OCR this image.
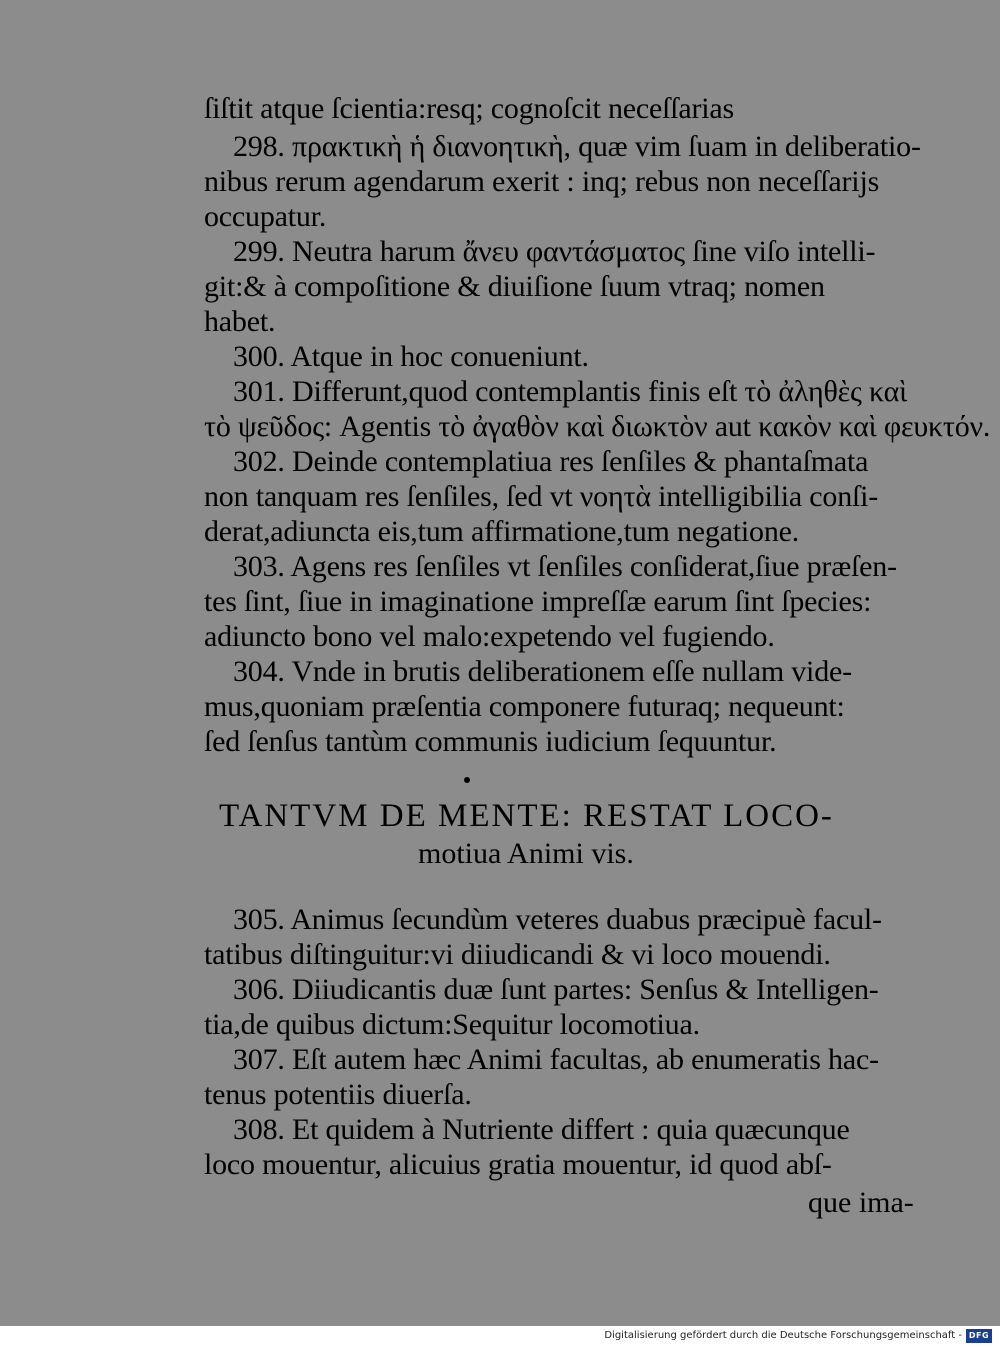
ſiſtit atque ſcientia:resq; cognoſcit neceſſarias
298. πρακτικὴ ἡ διανοητικὴ, quæ vim ſuam in deliberatio-
nibus rerum agendarum exerit : inq; rebus non neceſſarijs
occupatur.
299. Neutra harum ἄνευ φαντάσματος ſine viſo intelli-
git:& à compoſitione & diuiſione ſuum vtraq; nomen
habet.
300. Atque in hoc conueniunt.
301. Differunt,quod contemplantis finis eſt τὸ ἀληθὲς καὶ
τὸ ψεῦδος: Agentis τὸ ἀγαθὸν καὶ διωκτὸν aut κακὸν καὶ φευκτόν.
302. Deinde contemplatiua res ſenſiles & phantaſmata
non tanquam res ſenſiles, ſed vt νοητὰ intelligibilia conſi-
derat,adiuncta eis,tum affirmatione,tum negatione.
303. Agens res ſenſiles vt ſenſiles conſiderat,ſiue præſen-
tes ſint, ſiue in imaginatione impreſſæ earum ſint ſpecies:
adiuncto bono vel malo:expetendo vel fugiendo.
304. Vnde in brutis deliberationem eſſe nullam vide-
mus,quoniam præſentia componere futuraq; nequeunt:
ſed ſenſus tantùm communis iudicium ſequuntur.
TANTVM DE MENTE: RESTAT LOCO-
motiua Animi vis.
305. Animus ſecundùm veteres duabus præcipuè facul-
tatibus diſtinguitur:vi diiudicandi & vi loco mouendi.
306. Diiudicantis duæ ſunt partes: Senſus & Intelligen-
tia,de quibus dictum:Sequitur locomotiua.
307. Eſt autem hæc Animi facultas, ab enumeratis hac-
tenus potentiis diuerſa.
308. Et quidem à Nutriente differt : quia quæcunque
loco mouentur, alicuius gratia mouentur, id quod abſ-
que ima-
Digitalisierung gefördert durch die Deutsche Forschungsgemeinschaft - DFG
